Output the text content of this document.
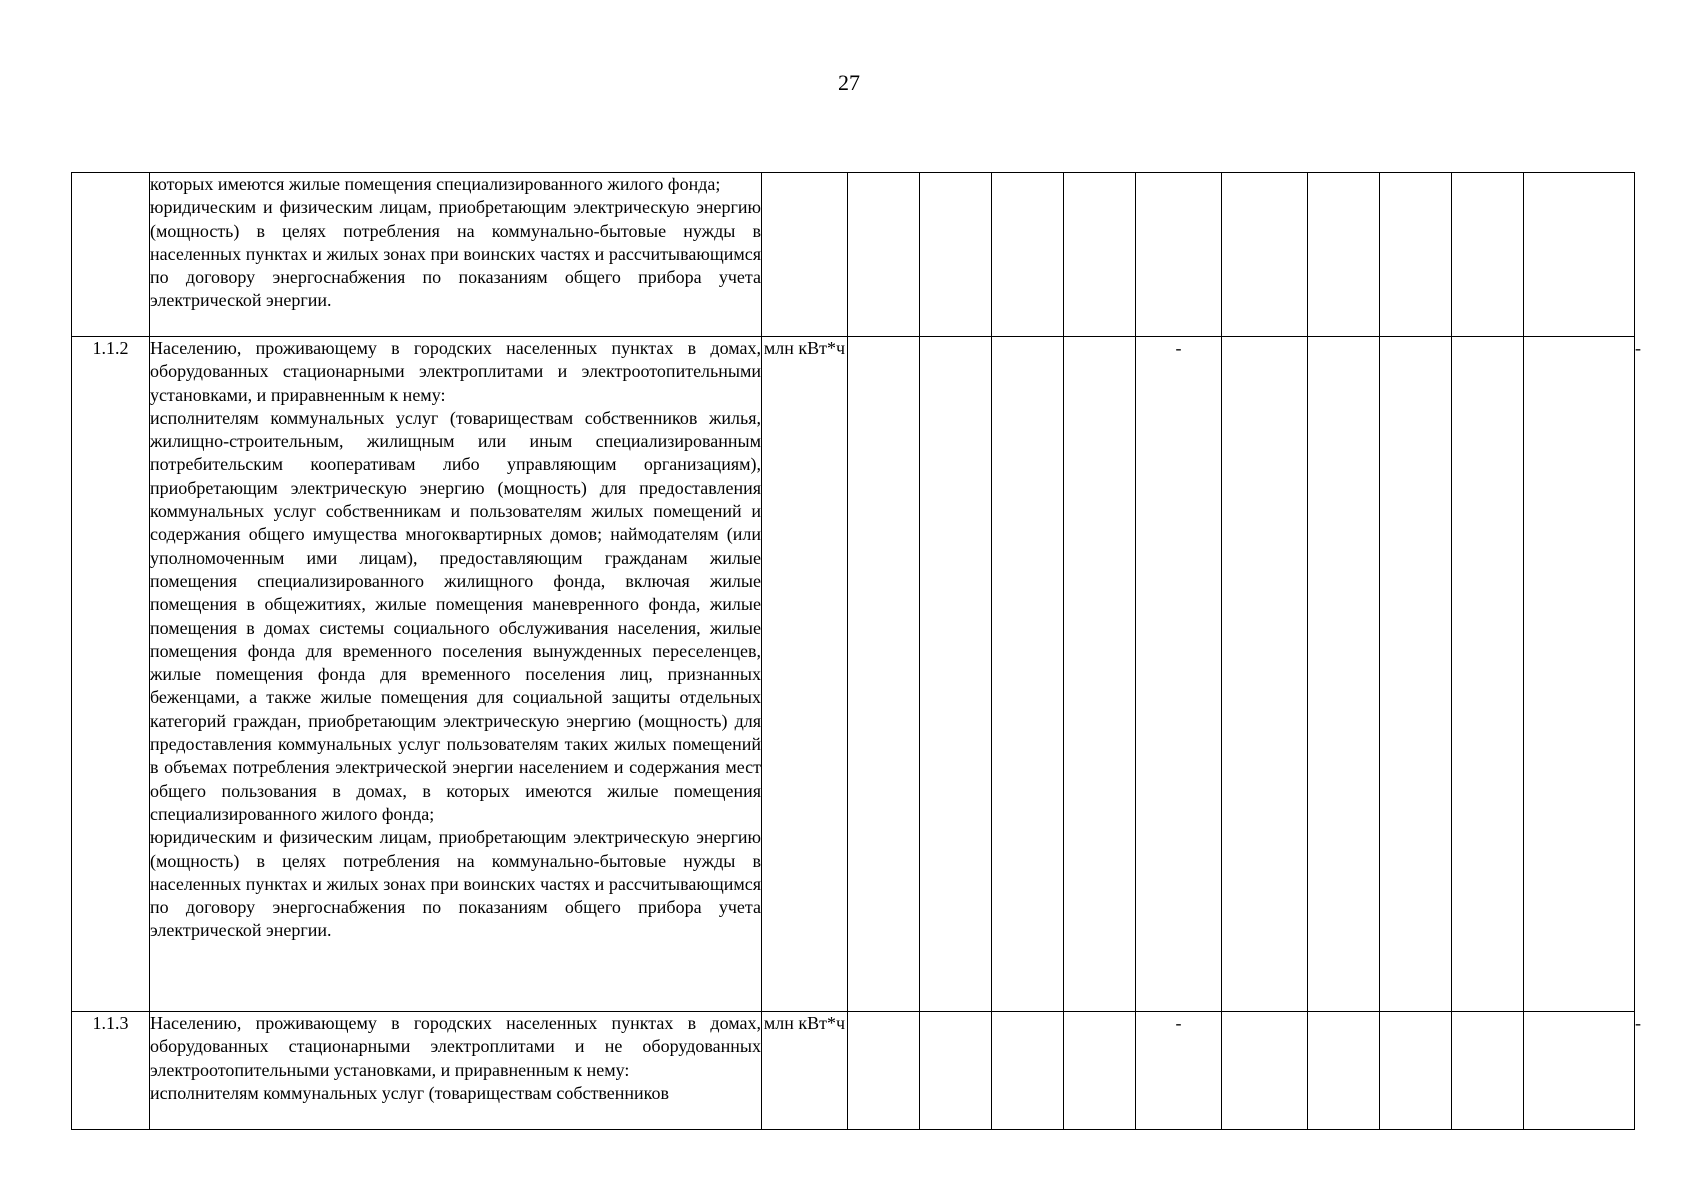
27

	которых имеются жилые помещения специализированного жилого фонда;
юридическим и физическим лицам, приобретающим электрическую энергию (мощность) в целях потребления на коммунально-бытовые нужды в населенных пунктах и жилых зонах при воинских частях и рассчитывающимся по договору энергоснабжения по показаниям общего прибора учета электрической энергии.												

1.1.2	Населению, проживающему в городских населенных пунктах в домах, оборудованных стационарными электроплитами и электроотопительными установками, и приравненным к нему:
исполнителям коммунальных услуг (товариществам собственников жилья, жилищно-строительным, жилищным или иным специализированным потребительским кооперативам либо управляющим организациям), приобретающим электрическую энергию (мощность) для предоставления коммунальных услуг собственникам и пользователям жилых помещений и содержания общего имущества многоквартирных домов; наймодателям (или уполномоченным ими лицам), предоставляющим гражданам жилые помещения специализированного жилищного фонда, включая жилые помещения в общежитиях, жилые помещения маневренного фонда, жилые помещения в домах системы социального обслуживания населения, жилые помещения фонда для временного поселения вынужденных переселенцев, жилые помещения фонда для временного поселения лиц, признанных беженцами, а также жилые помещения для социальной защиты отдельных категорий граждан, приобретающим электрическую энергию (мощность) для предоставления коммунальных услуг пользователям таких жилых помещений в объемах потребления электрической энергии населением и содержания мест общего пользования в домах, в которых имеются жилые помещения специализированного жилого фонда;
юридическим и физическим лицам, приобретающим электрическую энергию (мощность) в целях потребления на коммунально-бытовые нужды в населенных пунктах и жилых зонах при воинских частях и рассчитывающимся по договору энергоснабжения по показаниям общего прибора учета электрической энергии.	млн кВт*ч					-						-
1.1.3	Населению, проживающему в городских населенных пунктах в домах, оборудованных стационарными электроплитами и не оборудованных электроотопительными установками, и приравненным к нему:
исполнителям коммунальных услуг (товариществам собственников	млн кВт*ч					-						-
